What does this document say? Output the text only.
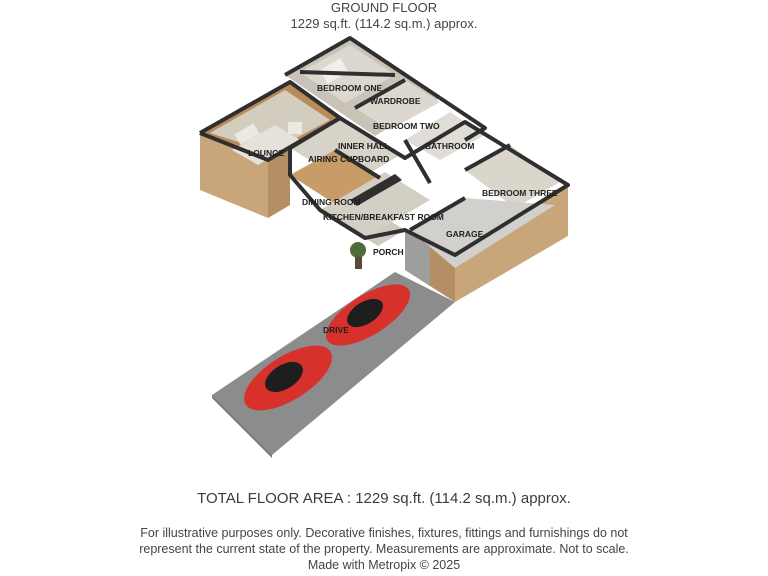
GROUND FLOOR
1229 sq.ft. (114.2 sq.m.) approx.
BEDROOM ONE
WARDROBE
BEDROOM TWO
LOUNGE
INNER HALL
AIRING CUPBOARD
BATHROOM
BEDROOM THREE
DINING ROOM
KITCHEN/BREAKFAST ROOM
GARAGE
PORCH
DRIVE
TOTAL FLOOR AREA : 1229 sq.ft. (114.2 sq.m.) approx.
For illustrative purposes only. Decorative finishes, fixtures, fittings and furnishings do not
represent the current state of the property. Measurements are approximate. Not to scale.
Made with Metropix © 2025
